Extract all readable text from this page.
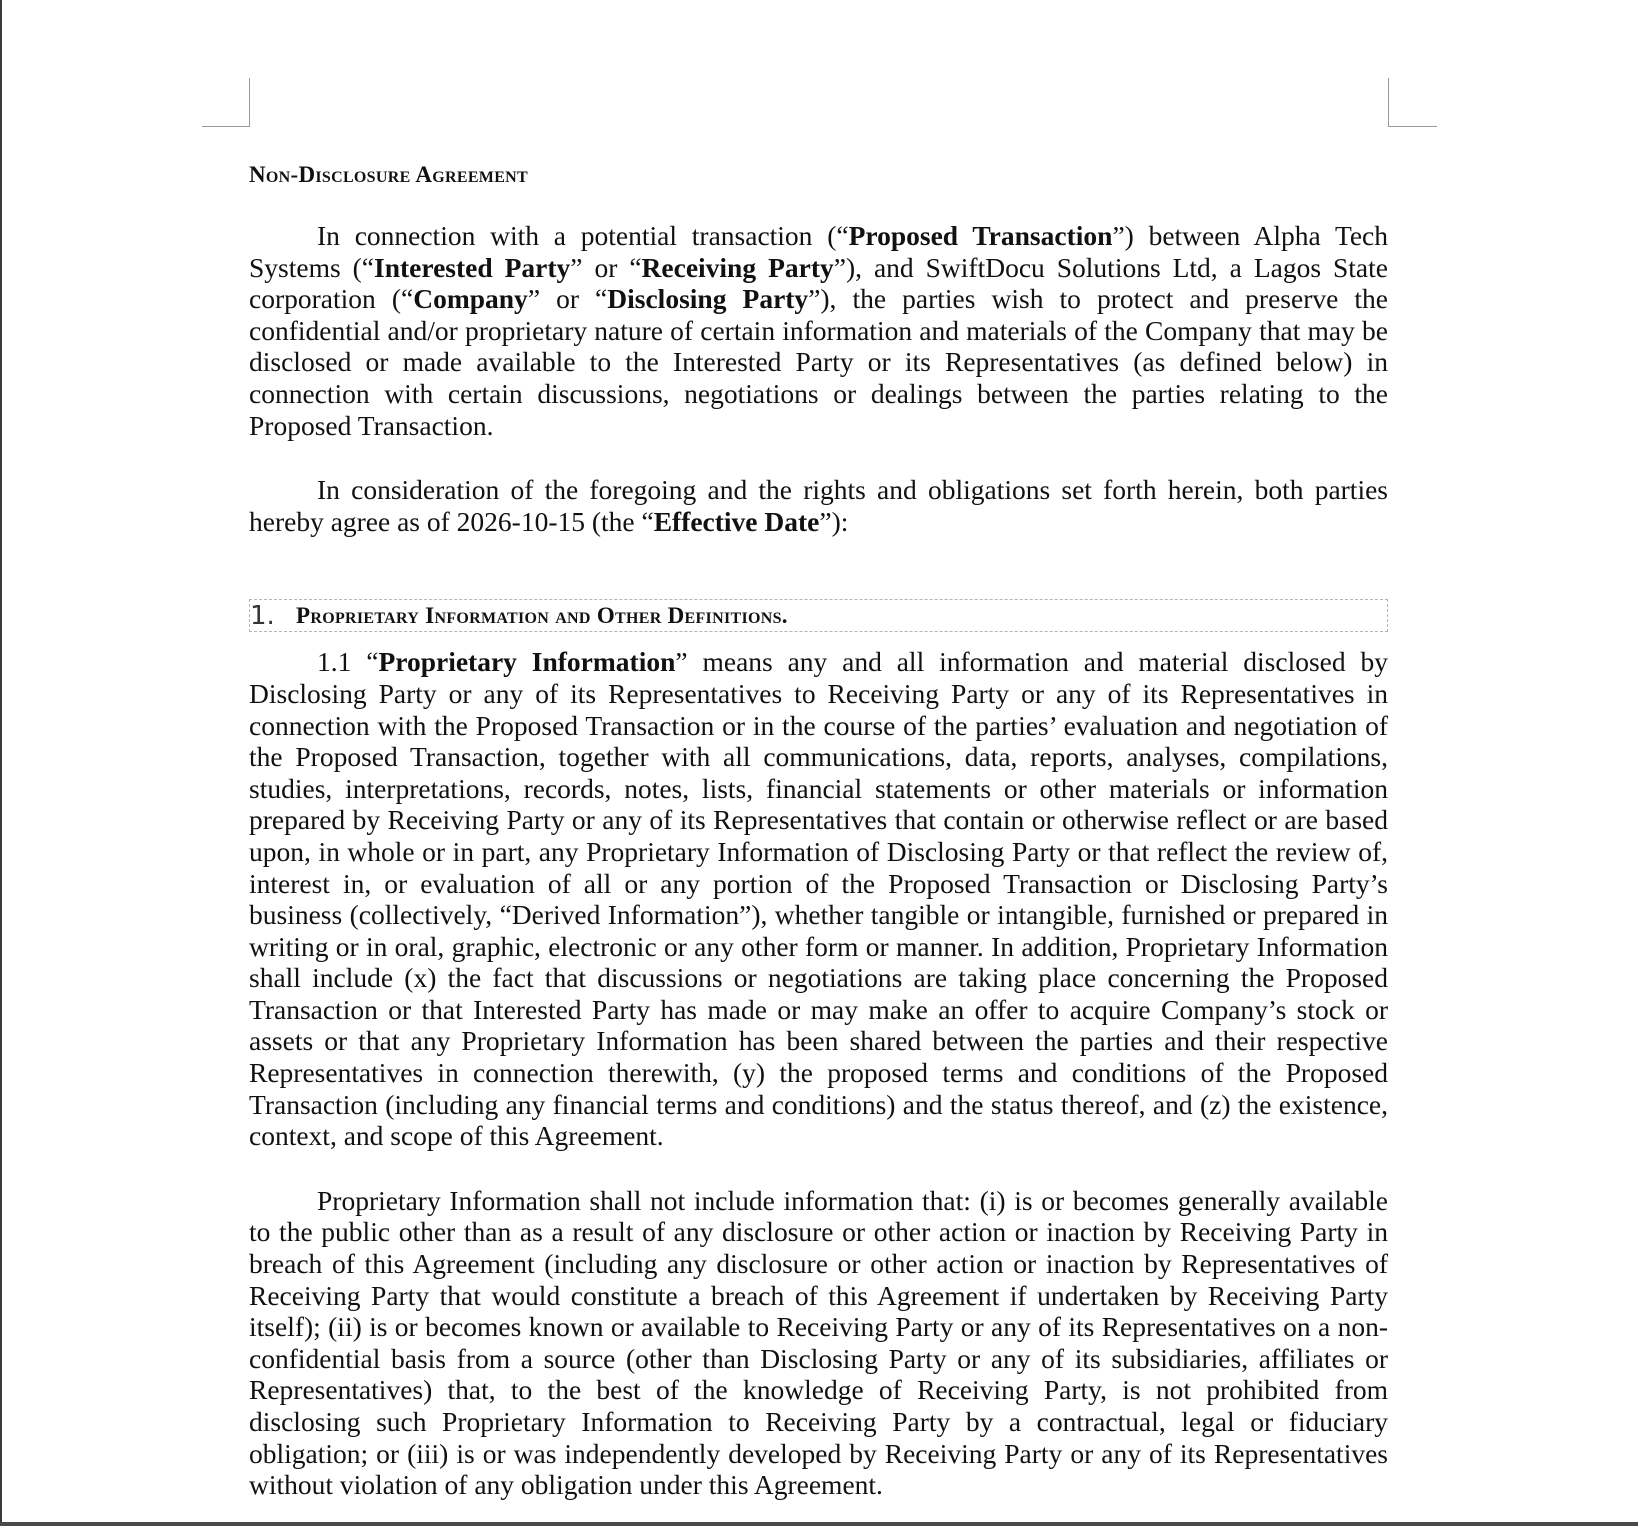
Non-Disclosure Agreement

In connection with a potential transaction (“Proposed Transaction”) between Alpha Tech Systems (“Interested Party” or “Receiving Party”), and SwiftDocu Solutions Ltd, a Lagos State corporation (“Company” or “Disclosing Party”), the parties wish to protect and preserve the confidential and/or proprietary nature of certain information and materials of the Company that may be disclosed or made available to the Interested Party or its Representatives (as defined below) in connection with certain discussions, negotiations or dealings between the parties relating to the Proposed Transaction.

In consideration of the foregoing and the rights and obligations set forth herein, both parties hereby agree as of 2026-10-15 (the “Effective Date”):

1. Proprietary Information and Other Definitions.

1.1 “Proprietary Information” means any and all information and material disclosed by Disclosing Party or any of its Representatives to Receiving Party or any of its Representatives in connection with the Proposed Transaction or in the course of the parties’ evaluation and negotiation of the Proposed Transaction, together with all communications, data, reports, analyses, compilations, studies, interpretations, records, notes, lists, financial statements or other materials or information prepared by Receiving Party or any of its Representatives that contain or otherwise reflect or are based upon, in whole or in part, any Proprietary Information of Disclosing Party or that reflect the review of, interest in, or evaluation of all or any portion of the Proposed Transaction or Disclosing Party’s business (collectively, “Derived Information”), whether tangible or intangible, furnished or prepared in writing or in oral, graphic, electronic or any other form or manner. In addition, Proprietary Information shall include (x) the fact that discussions or negotiations are taking place concerning the Proposed Transaction or that Interested Party has made or may make an offer to acquire Company’s stock or assets or that any Proprietary Information has been shared between the parties and their respective Representatives in connection therewith, (y) the proposed terms and conditions of the Proposed Transaction (including any financial terms and conditions) and the status thereof, and (z) the existence, context, and scope of this Agreement.

Proprietary Information shall not include information that: (i) is or becomes generally available to the public other than as a result of any disclosure or other action or inaction by Receiving Party in breach of this Agreement (including any disclosure or other action or inaction by Representatives of Receiving Party that would constitute a breach of this Agreement if undertaken by Receiving Party itself); (ii) is or becomes known or available to Receiving Party or any of its Representatives on a non-confidential basis from a source (other than Disclosing Party or any of its subsidiaries, affiliates or Representatives) that, to the best of the knowledge of Receiving Party, is not prohibited from disclosing such Proprietary Information to Receiving Party by a contractual, legal or fiduciary obligation; or (iii) is or was independently developed by Receiving Party or any of its Representatives without violation of any obligation under this Agreement.
